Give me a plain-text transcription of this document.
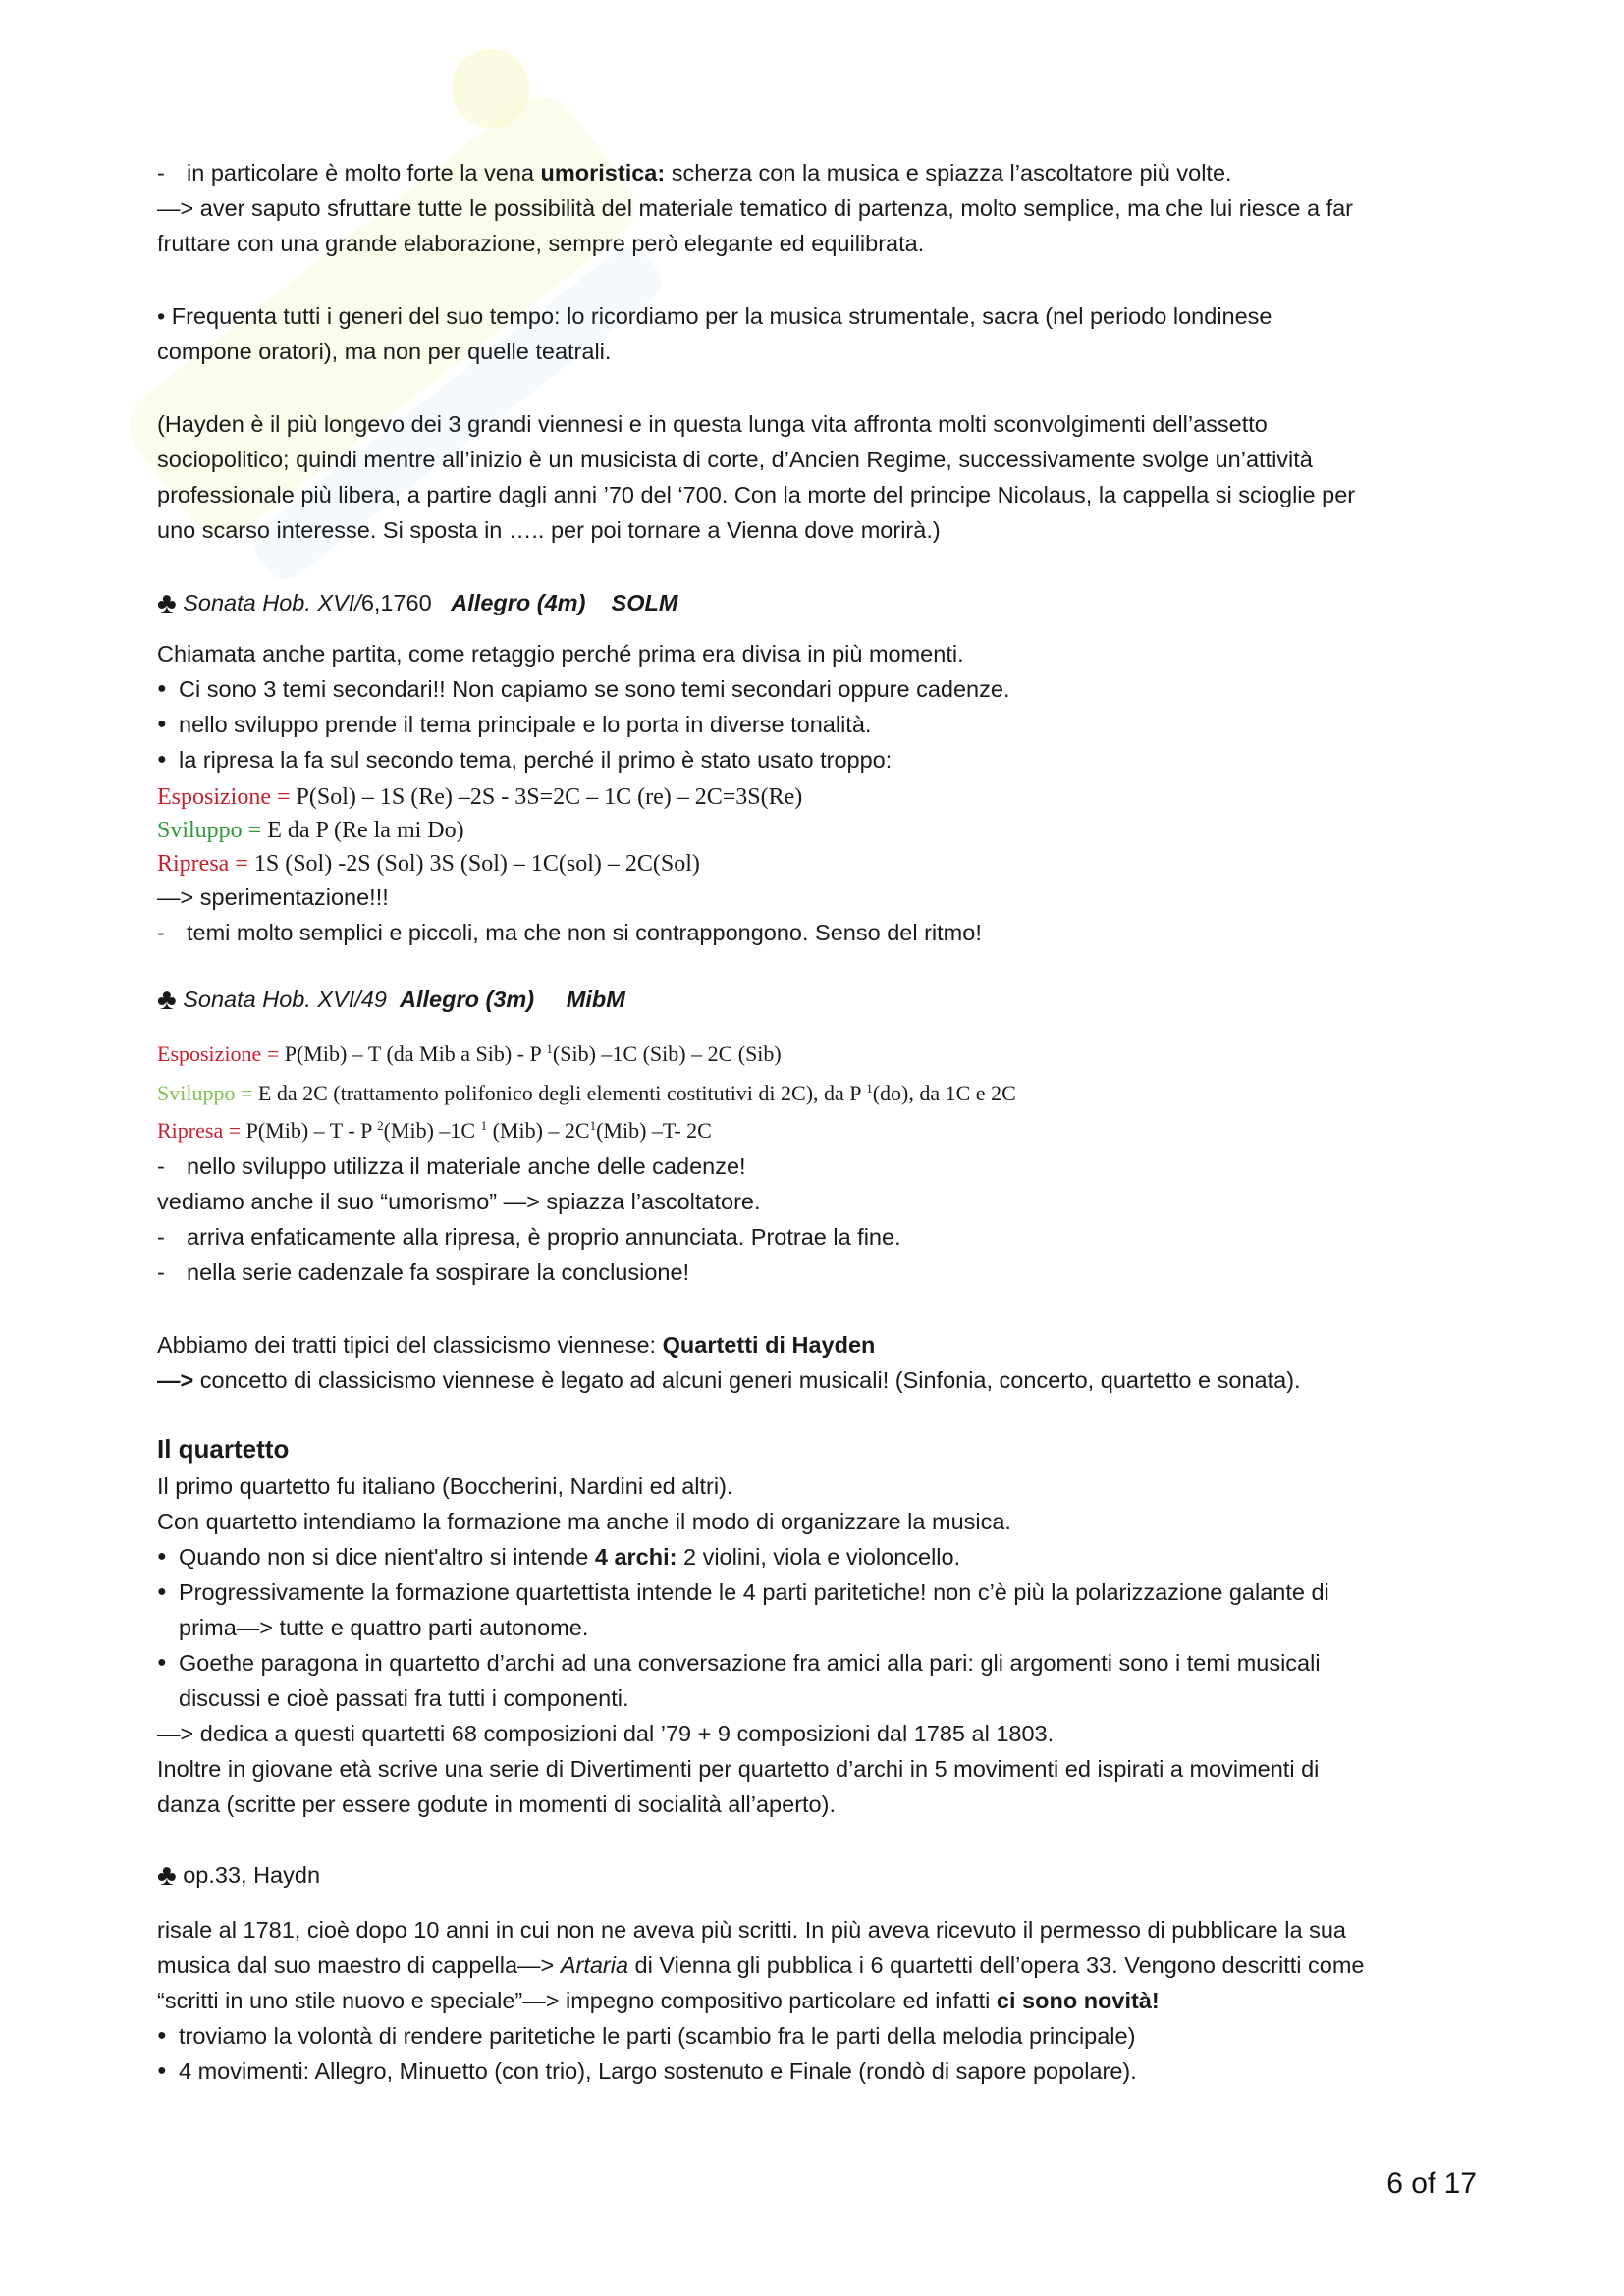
- in particolare è molto forte la vena umoristica: scherza con la musica e spiazza l’ascoltatore più volte.
—> aver saputo sfruttare tutte le possibilità del materiale tematico di partenza, molto semplice, ma che lui riesce a far
fruttare con una grande elaborazione, sempre però elegante ed equilibrata.
• Frequenta tutti i generi del suo tempo: lo ricordiamo per la musica strumentale, sacra (nel periodo londinese
compone oratori), ma non per quelle teatrali.
(Hayden è il più longevo dei 3 grandi viennesi e in questa lunga vita affronta molti sconvolgimenti dell’assetto
sociopolitico; quindi mentre all’inizio è un musicista di corte, d’Ancien Regime, successivamente svolge un’attività
professionale più libera, a partire dagli anni ’70 del ‘700. Con la morte del principe Nicolaus, la cappella si scioglie per
uno scarso interesse. Si sposta in ….. per poi tornare a Vienna dove morirà.)
♣ Sonata Hob. XVI/6,1760 Allegro (4m) SOLM
Chiamata anche partita, come retaggio perché prima era divisa in più momenti.
● Ci sono 3 temi secondari!! Non capiamo se sono temi secondari oppure cadenze.
● nello sviluppo prende il tema principale e lo porta in diverse tonalità.
● la ripresa la fa sul secondo tema, perché il primo è stato usato troppo:
Esposizione = P(Sol) – 1S (Re) –2S - 3S=2C – 1C (re) – 2C=3S(Re)
Sviluppo = E da P (Re la mi Do)
Ripresa = 1S (Sol) -2S (Sol) 3S (Sol) – 1C(sol) – 2C(Sol)
—> sperimentazione!!!
- temi molto semplici e piccoli, ma che non si contrappongono. Senso del ritmo!
♣ Sonata Hob. XVI/49 Allegro (3m) MibM
Esposizione = P(Mib) – T (da Mib a Sib) - P $^1$(Sib) –1C (Sib) – 2C (Sib)
Sviluppo = E da 2C (trattamento polifonico degli elementi costitutivi di 2C), da P $^1$(do), da 1C e 2C
Ripresa = P(Mib) – T - P $^2$(Mib) –1C $^1$ $(Mib) - 2C^1(Mib)$ –T- 2C
- nello sviluppo utilizza il materiale anche delle cadenze!
vediamo anche il suo “umorismo” —> spiazza l’ascoltatore.
- arriva enfaticamente alla ripresa, è proprio annunciata. Protrae la fine.
- nella serie cadenzale fa sospirare la conclusione!
Abbiamo dei tratti tipici del classicismo viennese: Quartetti di Hayden
—> concetto di classicismo viennese è legato ad alcuni generi musicali! (Sinfonia, concerto, quartetto e sonata).
Il quartetto
Il primo quartetto fu italiano (Boccherini, Nardini ed altri).
Con quartetto intendiamo la formazione ma anche il modo di organizzare la musica.
● Quando non si dice nient'altro si intende 4 archi: 2 violini, viola e violoncello.
● Progressivamente la formazione quartettista intende le 4 parti paritetiche! non c’è più la polarizzazione galante di
prima—> tutte e quattro parti autonome.
● Goethe paragona in quartetto d’archi ad una conversazione fra amici alla pari: gli argomenti sono i temi musicali
discussi e cioè passati fra tutti i componenti.
—> dedica a questi quartetti 68 composizioni dal ’79 + 9 composizioni dal 1785 al 1803.
Inoltre in giovane età scrive una serie di Divertimenti per quartetto d’archi in 5 movimenti ed ispirati a movimenti di
danza (scritte per essere godute in momenti di socialità all’aperto).
♣ op.33, Haydn
risale al 1781, cioè dopo 10 anni in cui non ne aveva più scritti. In più aveva ricevuto il permesso di pubblicare la sua
musica dal suo maestro di cappella—> Artaria di Vienna gli pubblica i 6 quartetti dell’opera 33. Vengono descritti come
“scritti in uno stile nuovo e speciale”—> impegno compositivo particolare ed infatti ci sono novità!
● troviamo la volontà di rendere paritetiche le parti (scambio fra le parti della melodia principale)
● 4 movimenti: Allegro, Minuetto (con trio), Largo sostenuto e Finale (rondò di sapore popolare).
6 of 17
